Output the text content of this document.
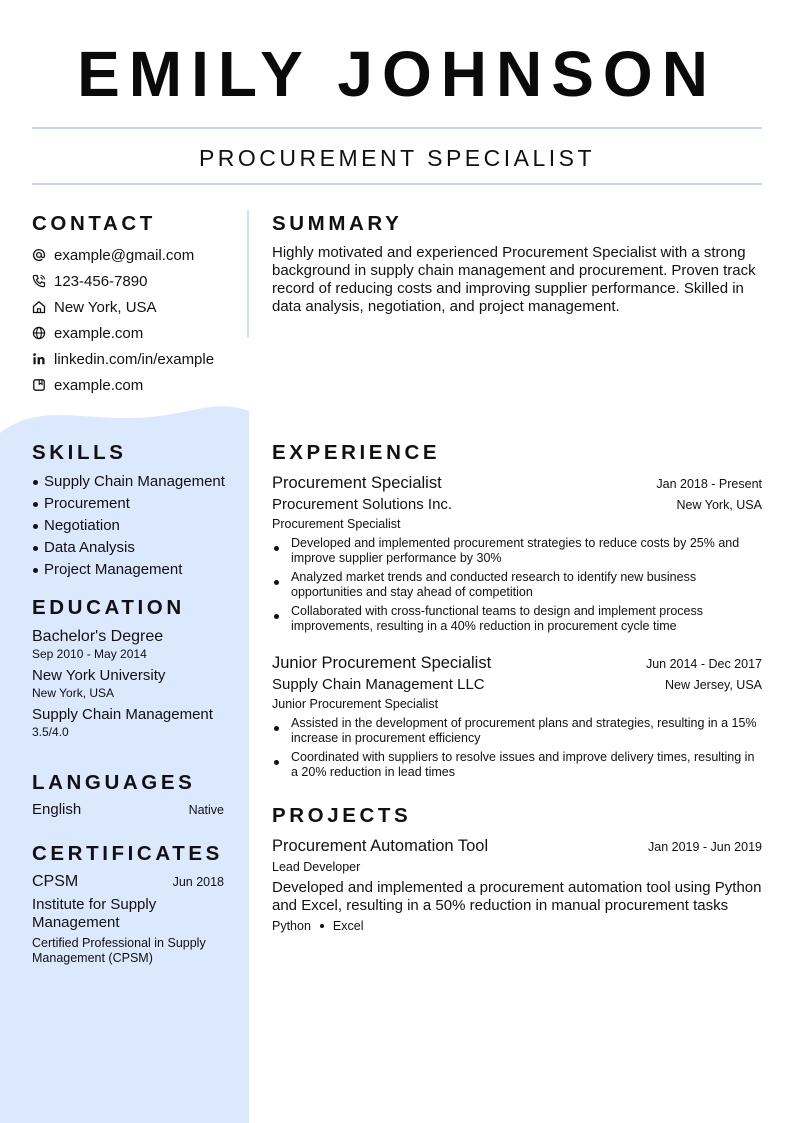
EMILY JOHNSON
PROCUREMENT SPECIALIST
CONTACT
example@gmail.com
123-456-7890
New York, USA
example.com
linkedin.com/in/example
example.com
SUMMARY
Highly motivated and experienced Procurement Specialist with a strong background in supply chain management and procurement. Proven track record of reducing costs and improving supplier performance. Skilled in data analysis, negotiation, and project management.
SKILLS
Supply Chain Management
Procurement
Negotiation
Data Analysis
Project Management
EDUCATION
Bachelor's Degree
Sep 2010 - May 2014
New York University
New York, USA
Supply Chain Management
3.5/4.0
LANGUAGES
English	Native
CERTIFICATES
CPSM	Jun 2018
Institute for Supply Management
Certified Professional in Supply Management (CPSM)
EXPERIENCE
Procurement Specialist	Jan 2018 - Present
Procurement Solutions Inc.	New York, USA
Procurement Specialist
Developed and implemented procurement strategies to reduce costs by 25% and improve supplier performance by 30%
Analyzed market trends and conducted research to identify new business opportunities and stay ahead of competition
Collaborated with cross-functional teams to design and implement process improvements, resulting in a 40% reduction in procurement cycle time
Junior Procurement Specialist	Jun 2014 - Dec 2017
Supply Chain Management LLC	New Jersey, USA
Junior Procurement Specialist
Assisted in the development of procurement plans and strategies, resulting in a 15% increase in procurement efficiency
Coordinated with suppliers to resolve issues and improve delivery times, resulting in a 20% reduction in lead times
PROJECTS
Procurement Automation Tool	Jan 2019 - Jun 2019
Lead Developer
Developed and implemented a procurement automation tool using Python and Excel, resulting in a 50% reduction in manual procurement tasks
Python Excel
